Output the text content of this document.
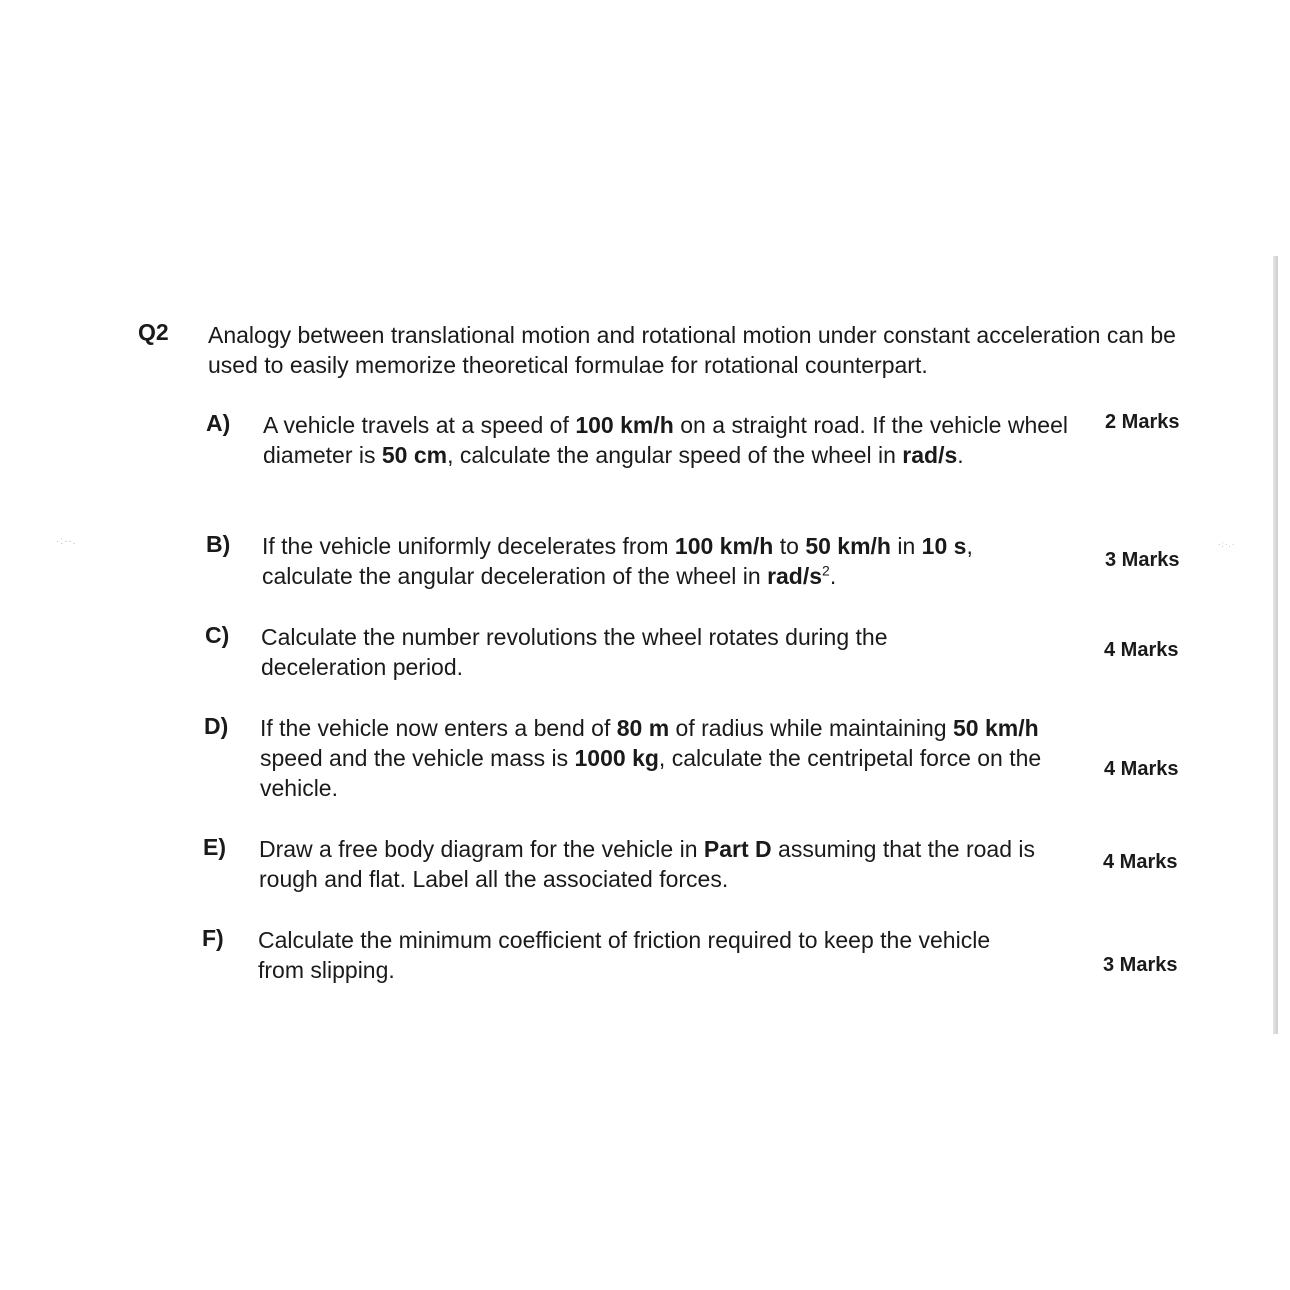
·:··.	·:·.·
Q2 Analogy between translational motion and rotational motion under constant acceleration can be used to easily memorize theoretical formulae for rotational counterpart.
A) A vehicle travels at a speed of 100 km/h on a straight road. If the vehicle wheel diameter is 50 cm, calculate the angular speed of the wheel in rad/s.
2 Marks
B) If the vehicle uniformly decelerates from 100 km/h to 50 km/h in 10 s, calculate the angular deceleration of the wheel in rad/$s^2$.
3 Marks
C) Calculate the number revolutions the wheel rotates during the deceleration period.
4 Marks
D) If the vehicle now enters a bend of 80 m of radius while maintaining 50 km/h speed and the vehicle mass is 1000 kg, calculate the centripetal force on the vehicle.
4 Marks
E) Draw a free body diagram for the vehicle in Part D assuming that the road is rough and flat. Label all the associated forces.
4 Marks
F) Calculate the minimum coefficient of friction required to keep the vehicle from slipping.	3 Marks
